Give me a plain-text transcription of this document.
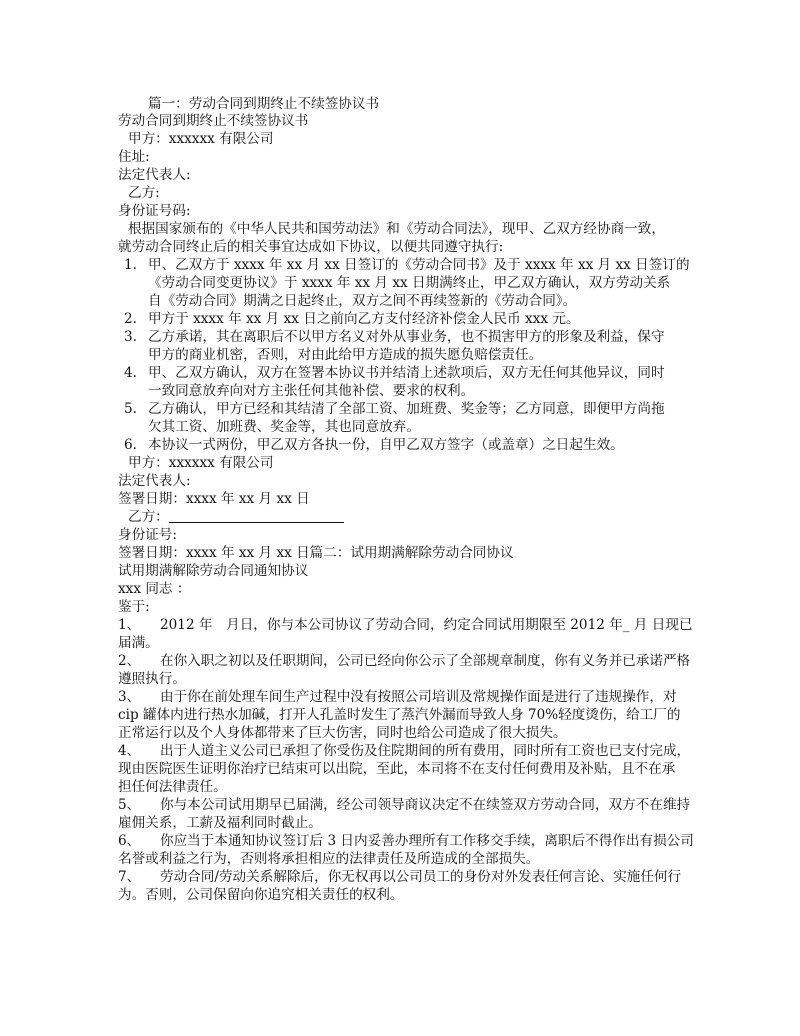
篇一：劳动合同到期终止不续签协议书
劳动合同到期终止不续签协议书
甲方：xxxxxx 有限公司
住址:
法定代表人:
乙方:
身份证号码:
根据国家颁布的《中华人民共和国劳动法》和《劳动合同法》，现甲、乙双方经协商一致，
就劳动合同终止后的相关事宜达成如下协议，以便共同遵守执行:
1. 甲、乙双方于 xxxx 年 xx 月 xx 日签订的《劳动合同书》及于 xxxx 年 xx 月 xx 日签订的
《劳动合同变更协议》于 xxxx 年 xx 月 xx 日期满终止，甲乙双方确认，双方劳动关系
自《劳动合同》期满之日起终止，双方之间不再续签新的《劳动合同》。
2. 甲方于 xxxx 年 xx 月 xx 日之前向乙方支付经济补偿金人民币 xxx 元。
3. 乙方承诺，其在离职后不以甲方名义对外从事业务，也不损害甲方的形象及利益，保守
甲方的商业机密，否则，对由此给甲方造成的损失愿负赔偿责任。
4. 甲、乙双方确认，双方在签署本协议书并结清上述款项后，双方无任何其他异议，同时
一致同意放弃向对方主张任何其他补偿、要求的权利。
5. 乙方确认，甲方已经和其结清了全部工资、加班费、奖金等；乙方同意，即便甲方尚拖
欠其工资、加班费、奖金等，其也同意放弃。
6. 本协议一式两份，甲乙双方各执一份，自甲乙双方签字（或盖章）之日起生效。
甲方：xxxxxx 有限公司
法定代表人:
签署日期：xxxx 年 xx 月 xx 日
乙方：
身份证号:
签署日期：xxxx 年 xx 月 xx 日篇二：试用期满解除劳动合同协议
试用期满解除劳动合同通知协议
xxx 同志 ：
鉴于:
1、 2012 年　月日，你与本公司协议了劳动合同，约定合同试用期限至 2012 年_ 月 日现已
届满。
2、 在你入职之初以及任职期间，公司已经向你公示了全部规章制度，你有义务并已承诺严格
遵照执行。
3、 由于你在前处理车间生产过程中没有按照公司培训及常规操作面是进行了违规操作，对
cip 罐体内进行热水加碱，打开人孔盖时发生了蒸汽外漏而导致人身 70%轻度烫伤，给工厂的
正常运行以及个人身体都带来了巨大伤害，同时也给公司造成了很大损失。
4、 出于人道主义公司已承担了你受伤及住院期间的所有费用，同时所有工资也已支付完成，
现由医院医生证明你治疗已结束可以出院，至此，本司将不在支付任何费用及补贴，且不在承
担任何法律责任。
5、 你与本公司试用期早已届满，经公司领导商议决定不在续签双方劳动合同，双方不在维持
雇佣关系，工薪及福利同时截止。
6、 你应当于本通知协议签订后 3 日内妥善办理所有工作移交手续，离职后不得作出有损公司
名誉或利益之行为，否则将承担相应的法律责任及所造成的全部损失。
7、 劳动合同/劳动关系解除后，你无权再以公司员工的身份对外发表任何言论、实施任何行
为。否则，公司保留向你追究相关责任的权利。
